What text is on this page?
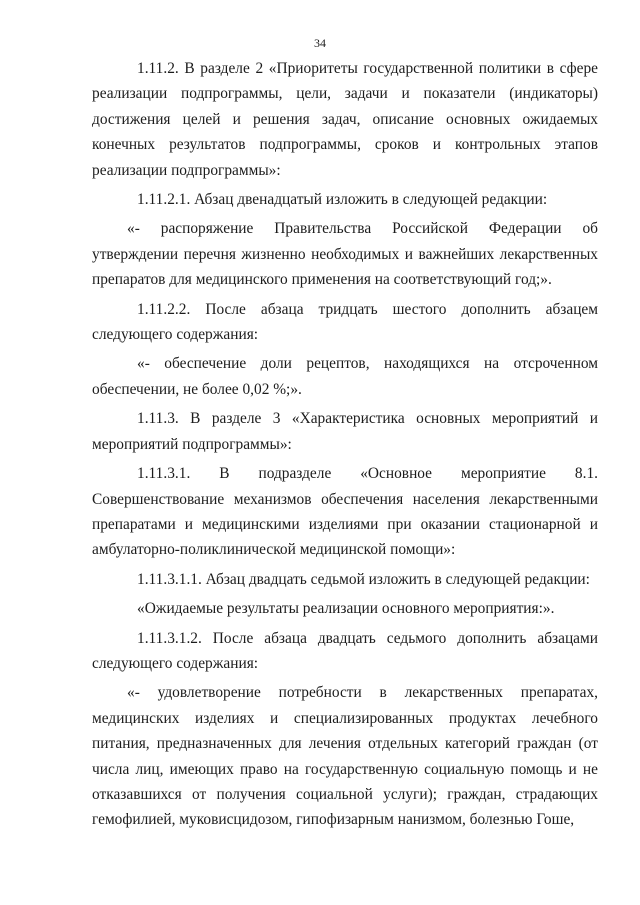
34

1.11.2. В разделе 2 «Приоритеты государственной политики в сфере реализации подпрограммы, цели, задачи и показатели (индикаторы) достижения целей и решения задач, описание основных ожидаемых конечных результатов подпрограммы, сроков и контрольных этапов реализации подпрограммы»:

1.11.2.1. Абзац двенадцатый изложить в следующей редакции:

«- распоряжение Правительства Российской Федерации об утверждении перечня жизненно необходимых и важнейших лекарственных препаратов для медицинского применения на соответствующий год;».

1.11.2.2. После абзаца тридцать шестого дополнить абзацем следующего содержания:

«- обеспечение доли рецептов, находящихся на отсроченном обеспечении, не более 0,02 %;».

1.11.3. В разделе 3 «Характеристика основных мероприятий и мероприятий подпрограммы»:

1.11.3.1. В подразделе «Основное мероприятие 8.1. Совершенствование механизмов обеспечения населения лекарственными препаратами и медицинскими изделиями при оказании стационарной и амбулаторно-поликлинической медицинской помощи»:

1.11.3.1.1. Абзац двадцать седьмой изложить в следующей редакции:

«Ожидаемые результаты реализации основного мероприятия:».

1.11.3.1.2. После абзаца двадцать седьмого дополнить абзацами следующего содержания:

«- удовлетворение потребности в лекарственных препаратах, медицинских изделиях и специализированных продуктах лечебного питания, предназначенных для лечения отдельных категорий граждан (от числа лиц, имеющих право на государственную социальную помощь и не отказавшихся от получения социальной услуги); граждан, страдающих гемофилией, муковисцидозом, гипофизарным нанизмом, болезнью Гоше,
